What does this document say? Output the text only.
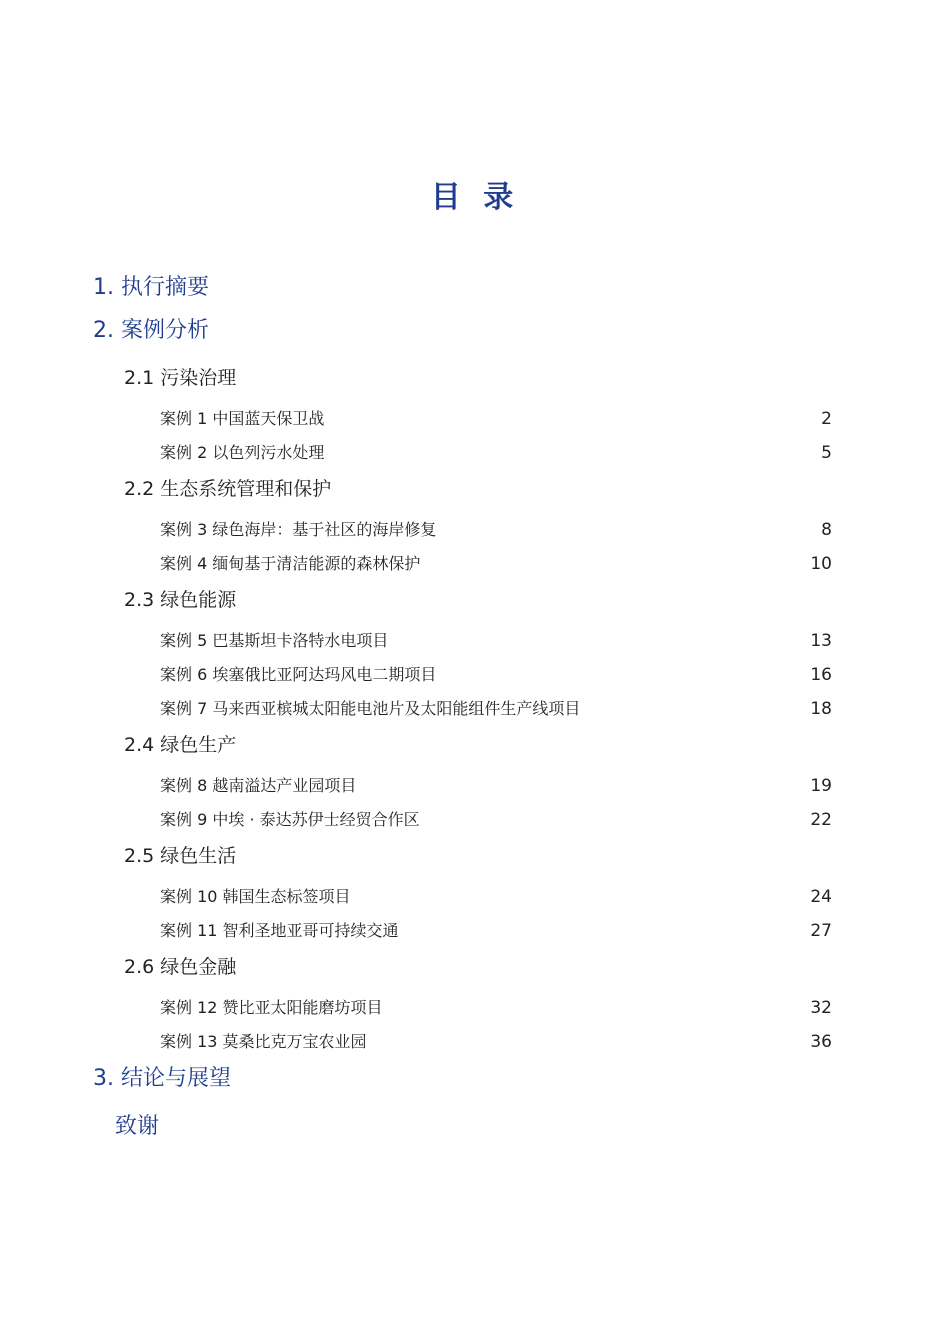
目 录
1. 执行摘要
2. 案例分析
2.1 污染治理
案例 1 中国蓝天保卫战	2
案例 2 以色列污水处理	5
2.2 生态系统管理和保护
案例 3 绿色海岸：基于社区的海岸修复	8
案例 4 缅甸基于清洁能源的森林保护	10
2.3 绿色能源
案例 5 巴基斯坦卡洛特水电项目	13
案例 6 埃塞俄比亚阿达玛风电二期项目	16
案例 7 马来西亚槟城太阳能电池片及太阳能组件生产线项目	18
2.4 绿色生产
案例 8 越南溢达产业园项目	19
案例 9 中埃 · 泰达苏伊士经贸合作区	22
2.5 绿色生活
案例 10 韩国生态标签项目	24
案例 11 智利圣地亚哥可持续交通	27
2.6 绿色金融
案例 12 赞比亚太阳能磨坊项目	32
案例 13 莫桑比克万宝农业园	36
3. 结论与展望
致谢
